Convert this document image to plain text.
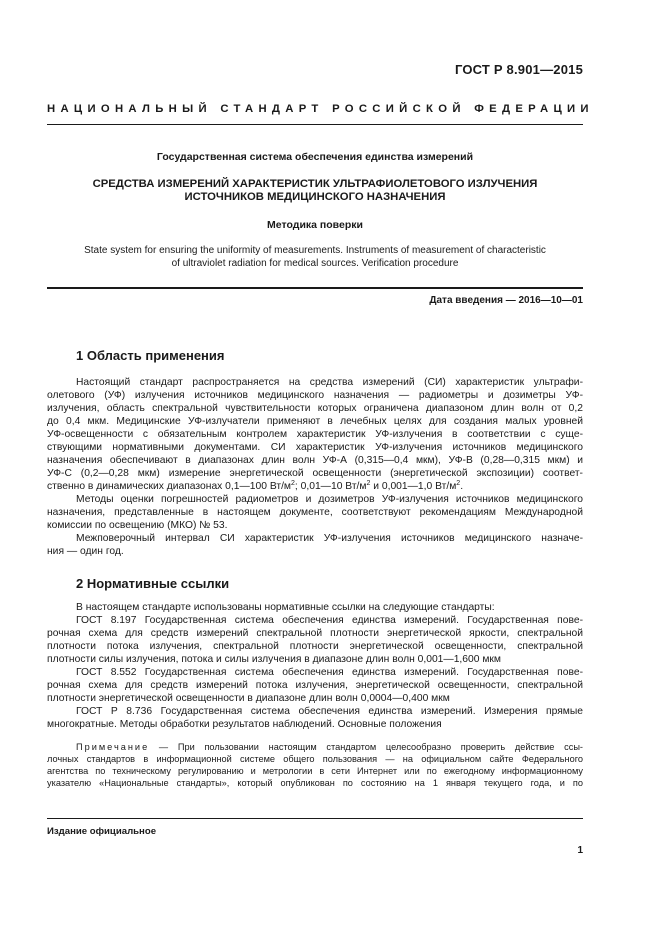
ГОСТ Р 8.901—2015
НАЦИОНАЛЬНЫЙ СТАНДАРТ РОССИЙСКОЙ ФЕДЕРАЦИИ
Государственная система обеспечения единства измерений
СРЕДСТВА ИЗМЕРЕНИЙ ХАРАКТЕРИСТИК УЛЬТРАФИОЛЕТОВОГО ИЗЛУЧЕНИЯ
ИСТОЧНИКОВ МЕДИЦИНСКОГО НАЗНАЧЕНИЯ
Методика поверки
State system for ensuring the uniformity of measurements. Instruments of measurement of characteristic
of ultraviolet radiation for medical sources. Verification procedure
Дата введения — 2016—10—01
1 Область применения
Настоящий стандарт распространяется на средства измерений (СИ) характеристик ультрафи-
олетового (УФ) излучения источников медицинского назначения — радиометры и дозиметры УФ-
излучения, область спектральной чувствительности которых ограничена диапазоном длин волн от 0,2
до 0,4 мкм. Медицинские УФ-излучатели применяют в лечебных целях для создания малых уровней
УФ-освещенности с обязательным контролем характеристик УФ-излучения в соответствии с суще-
ствующими нормативными документами. СИ характеристик УФ-излучения источников медицинского
назначения обеспечивают в диапазонах длин волн УФ-А (0,315—0,4 мкм), УФ-В (0,28—0,315 мкм) и
УФ-С (0,2—0,28 мкм) измерение энергетической освещенности (энергетической экспозиции) соответ-
ственно в динамических диапазонах 0,1—100 $Вт/м^2$; 0,01—10 $Вт/м^2$ и 0,001—1,0 $Вт/м^2$.
Методы оценки погрешностей радиометров и дозиметров УФ-излучения источников медицинского
назначения, представленные в настоящем документе, соответствуют рекомендациям Международной
комиссии по освещению (МКО) № 53.
Межповерочный интервал СИ характеристик УФ-излучения источников медицинского назначе-
ния — один год.
2 Нормативные ссылки
В настоящем стандарте использованы нормативные ссылки на следующие стандарты:
ГОСТ 8.197 Государственная система обеспечения единства измерений. Государственная пове-
рочная схема для средств измерений спектральной плотности энергетической яркости, спектральной
плотности потока излучения, спектральной плотности энергетической освещенности, спектральной
плотности силы излучения, потока и силы излучения в диапазоне длин волн 0,001—1,600 мкм
ГОСТ 8.552 Государственная система обеспечения единства измерений. Государственная пове-
рочная схема для средств измерений потока излучения, энергетической освещенности, спектральной
плотности энергетической освещенности в диапазоне длин волн 0,0004—0,400 мкм
ГОСТ Р 8.736 Государственная система обеспечения единства измерений. Измерения прямые
многократные. Методы обработки результатов наблюдений. Основные положения
Примечание — При пользовании настоящим стандартом целесообразно проверить действие ссы-
лочных стандартов в информационной системе общего пользования — на официальном сайте Федерального
агентства по техническому регулированию и метрологии в сети Интернет или по ежегодному информационному
указателю «Национальные стандарты», который опубликован по состоянию на 1 января текущего года, и по
Издание официальное
1
